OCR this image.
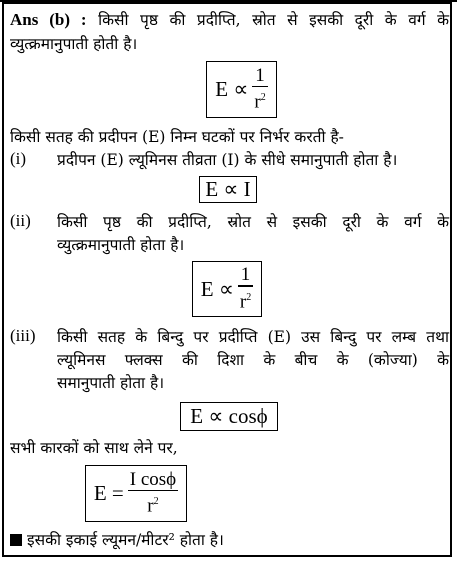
Ans (b) : किसी पृष्ठ की प्रदीप्ति, स्रोत से इसकी दूरी के वर्ग के
व्युत्क्रमानुपाती होती है।
$E \propto \frac{1}{r^2}$
किसी सतह की प्रदीपन (E) निम्न घटकों पर निर्भर करती है-
(i) प्रदीपन (E) ल्यूमिनस तीव्रता (I) के सीधे समानुपाती होता है।
E ∝ I
(ii) किसी पृष्ठ की प्रदीप्ति, स्रोत से इसकी दूरी के वर्ग के
व्युत्क्रमानुपाती होता है।
$E \propto \frac{1}{r^2}$
(iii) किसी सतह के बिन्दु पर प्रदीप्ति (E) उस बिन्दु पर लम्ब तथा
ल्यूमिनस फ्लक्स की दिशा के बीच के (कोज्या) के
समानुपाती होता है।
E ∝ cosϕ
सभी कारकों को साथ लेने पर,
$E = \frac{\text{I cosϕ}}{r^2}$
इसकी इकाई ल्यूमन/मीटर² होता है।
